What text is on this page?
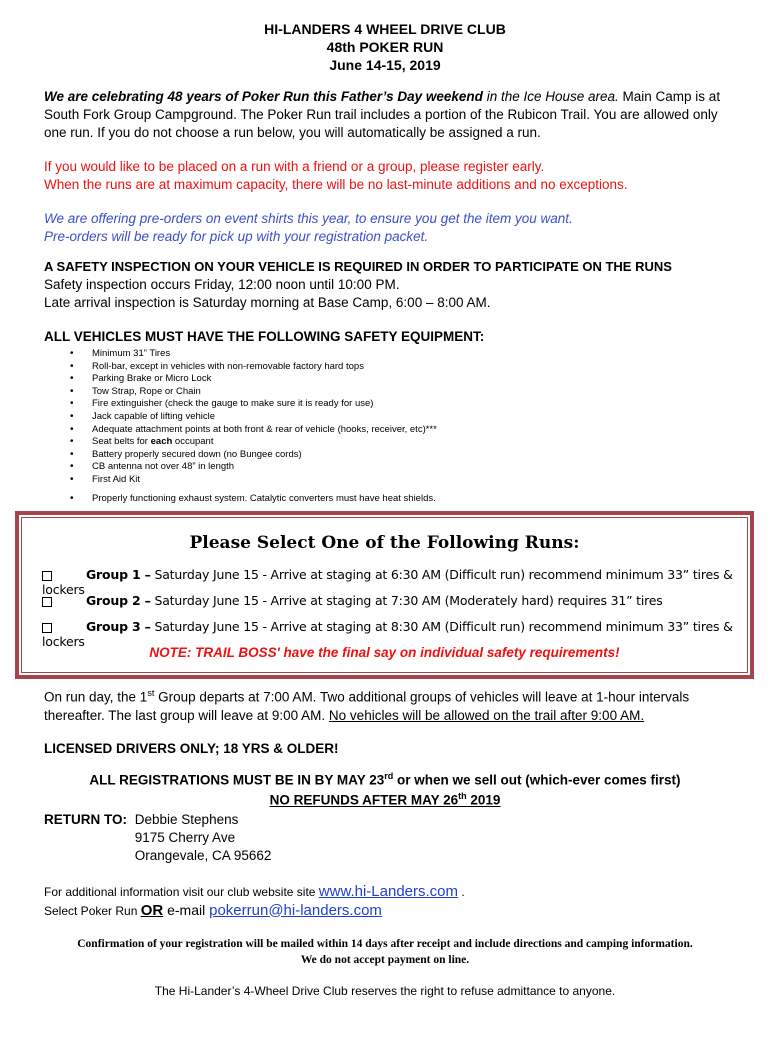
HI-LANDERS 4 WHEEL DRIVE CLUB
48th POKER RUN
June 14-15, 2019

We are celebrating 48 years of Poker Run this Father’s Day weekend in the Ice House area. Main Camp is at South Fork Group Campground. The Poker Run trail includes a portion of the Rubicon Trail. You are allowed only one run. If you do not choose a run below, you will automatically be assigned a run.

If you would like to be placed on a run with a friend or a group, please register early.
When the runs are at maximum capacity, there will be no last-minute additions and no exceptions.
We are offering pre-orders on event shirts this year, to ensure you get the item you want.
Pre-orders will be ready for pick up with your registration packet.
A SAFETY INSPECTION ON YOUR VEHICLE IS REQUIRED IN ORDER TO PARTICIPATE ON THE RUNS
Safety inspection occurs Friday, 12:00 noon until 10:00 PM.
Late arrival inspection is Saturday morning at Base Camp, 6:00 – 8:00 AM.
ALL VEHICLES MUST HAVE THE FOLLOWING SAFETY EQUIPMENT:
• Minimum 31” Tires
• Roll-bar, except in vehicles with non-removable factory hard tops
• Parking Brake or Micro Lock
• Tow Strap, Rope or Chain
• Fire extinguisher (check the gauge to make sure it is ready for use)
• Jack capable of lifting vehicle
• Adequate attachment points at both front & rear of vehicle (hooks, receiver, etc)***
• Seat belts for each occupant
• Battery properly secured down (no Bungee cords)
• CB antenna not over 48” in length
• First Aid Kit
• Properly functioning exhaust system. Catalytic converters must have heat shields.
Please Select One of the Following Runs:
Group 1 – Saturday June 15 - Arrive at staging at 6:30 AM (Difficult run) recommend minimum 33” tires & lockers
Group 2 – Saturday June 15 - Arrive at staging at 7:30 AM (Moderately hard) requires 31” tires
Group 3 – Saturday June 15 - Arrive at staging at 8:30 AM (Difficult run) recommend minimum 33” tires & lockers
NOTE: TRAIL BOSS' have the final say on individual safety requirements!

On run day, the 1st Group departs at 7:00 AM. Two additional groups of vehicles will leave at 1-hour intervals thereafter. The last group will leave at 9:00 AM. No vehicles will be allowed on the trail after 9:00 AM.

LICENSED DRIVERS ONLY; 18 YRS & OLDER!
ALL REGISTRATIONS MUST BE IN BY MAY 23rd or when we sell out (which-ever comes first)
NO REFUNDS AFTER MAY 26th 2019
RETURN TO: Debbie Stephens
9175 Cherry Ave
Orangevale, CA 95662
For additional information visit our club website site www.hi-Landers.com .
Select Poker Run OR e-mail pokerrun@hi-landers.com
Confirmation of your registration will be mailed within 14 days after receipt and include directions and camping information.
We do not accept payment on line.
The Hi-Lander’s 4-Wheel Drive Club reserves the right to refuse admittance to anyone.
